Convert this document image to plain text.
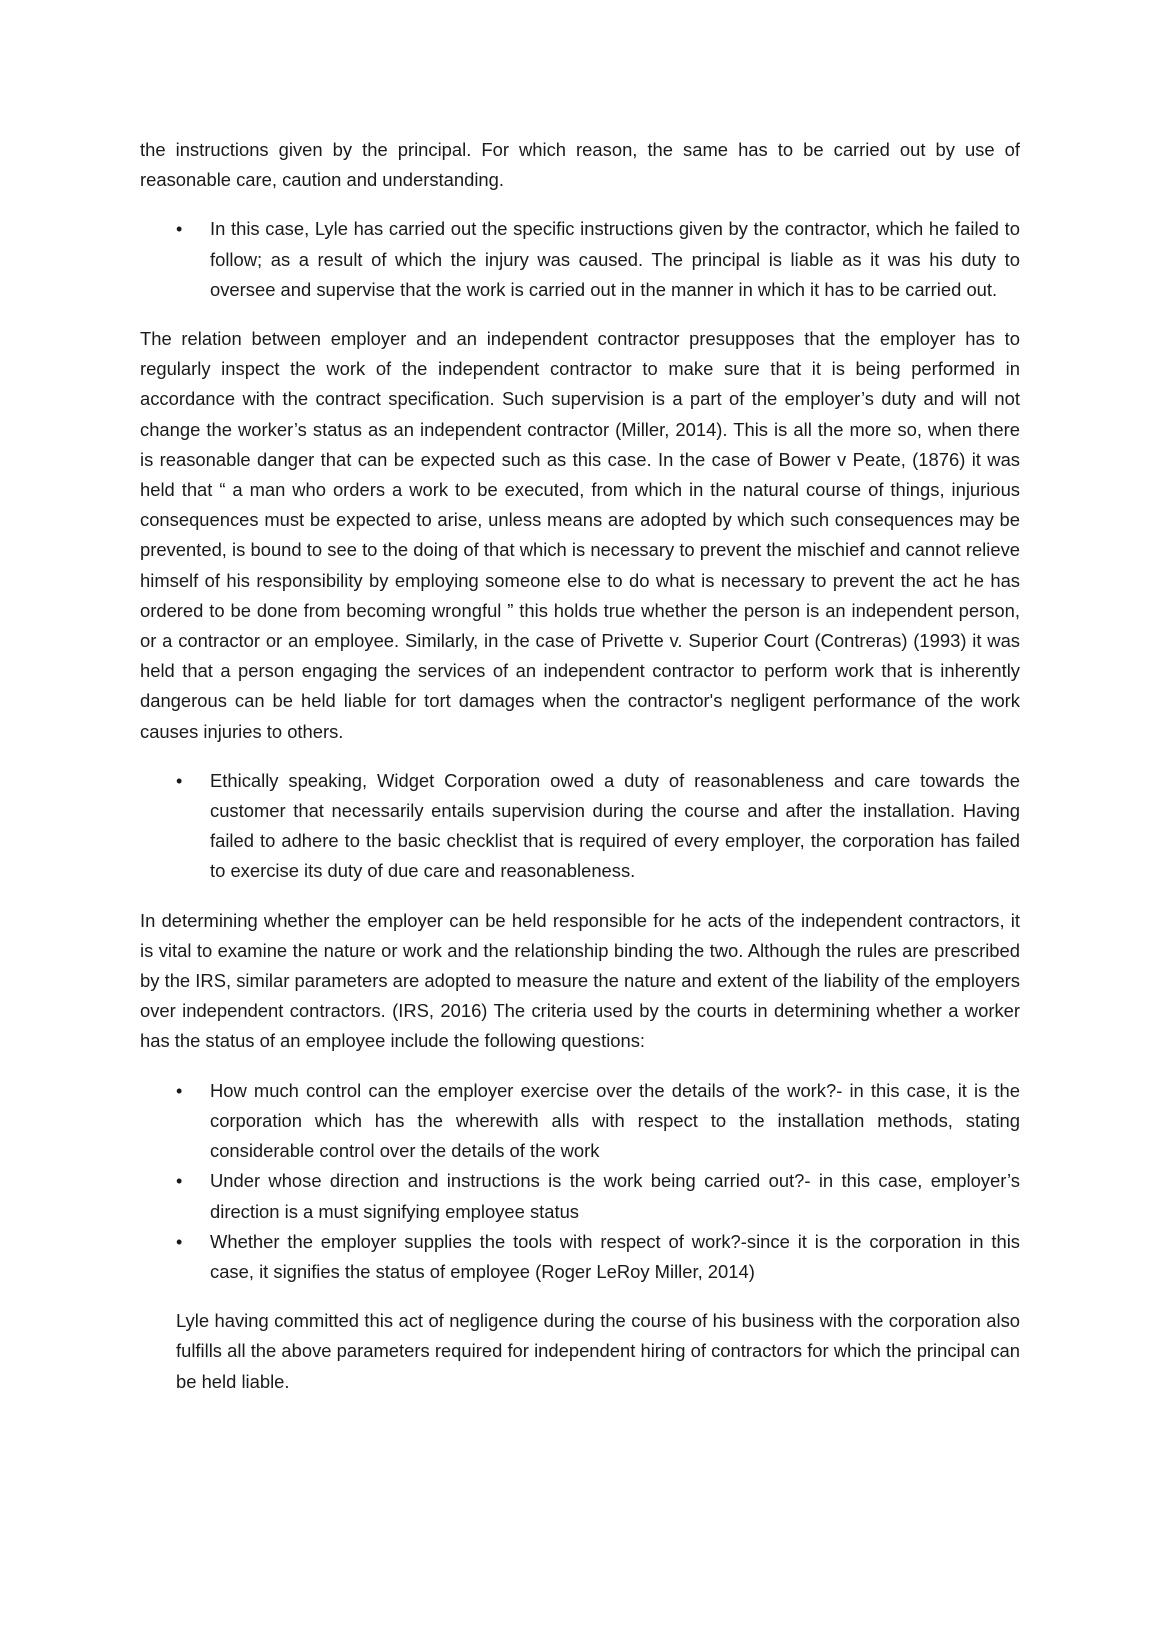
the instructions given by the principal. For which reason, the same has to be carried out by use of reasonable care, caution and understanding.

• In this case, Lyle has carried out the specific instructions given by the contractor, which he failed to follow; as a result of which the injury was caused. The principal is liable as it was his duty to oversee and supervise that the work is carried out in the manner in which it has to be carried out.

The relation between employer and an independent contractor presupposes that the employer has to regularly inspect the work of the independent contractor to make sure that it is being performed in accordance with the contract specification. Such supervision is a part of the employer’s duty and will not change the worker’s status as an independent contractor (Miller, 2014). This is all the more so, when there is reasonable danger that can be expected such as this case. In the case of Bower v Peate, (1876) it was held that “ a man who orders a work to be executed, from which in the natural course of things, injurious consequences must be expected to arise, unless means are adopted by which such consequences may be prevented, is bound to see to the doing of that which is necessary to prevent the mischief and cannot relieve himself of his responsibility by employing someone else to do what is necessary to prevent the act he has ordered to be done from becoming wrongful ” this holds true whether the person is an independent person, or a contractor or an employee. Similarly, in the case of Privette v. Superior Court (Contreras) (1993) it was held that a person engaging the services of an independent contractor to perform work that is inherently dangerous can be held liable for tort damages when the contractor's negligent performance of the work causes injuries to others.

• Ethically speaking, Widget Corporation owed a duty of reasonableness and care towards the customer that necessarily entails supervision during the course and after the installation. Having failed to adhere to the basic checklist that is required of every employer, the corporation has failed to exercise its duty of due care and reasonableness.

In determining whether the employer can be held responsible for he acts of the independent contractors, it is vital to examine the nature or work and the relationship binding the two. Although the rules are prescribed by the IRS, similar parameters are adopted to measure the nature and extent of the liability of the employers over independent contractors. (IRS, 2016) The criteria used by the courts in determining whether a worker has the status of an employee include the following questions:

• How much control can the employer exercise over the details of the work?- in this case, it is the corporation which has the wherewith alls with respect to the installation methods, stating considerable control over the details of the work
• Under whose direction and instructions is the work being carried out?- in this case, employer’s direction is a must signifying employee status
• Whether the employer supplies the tools with respect of work?-since it is the corporation in this case, it signifies the status of employee (Roger LeRoy Miller, 2014)

Lyle having committed this act of negligence during the course of his business with the corporation also fulfills all the above parameters required for independent hiring of contractors for which the principal can be held liable.
